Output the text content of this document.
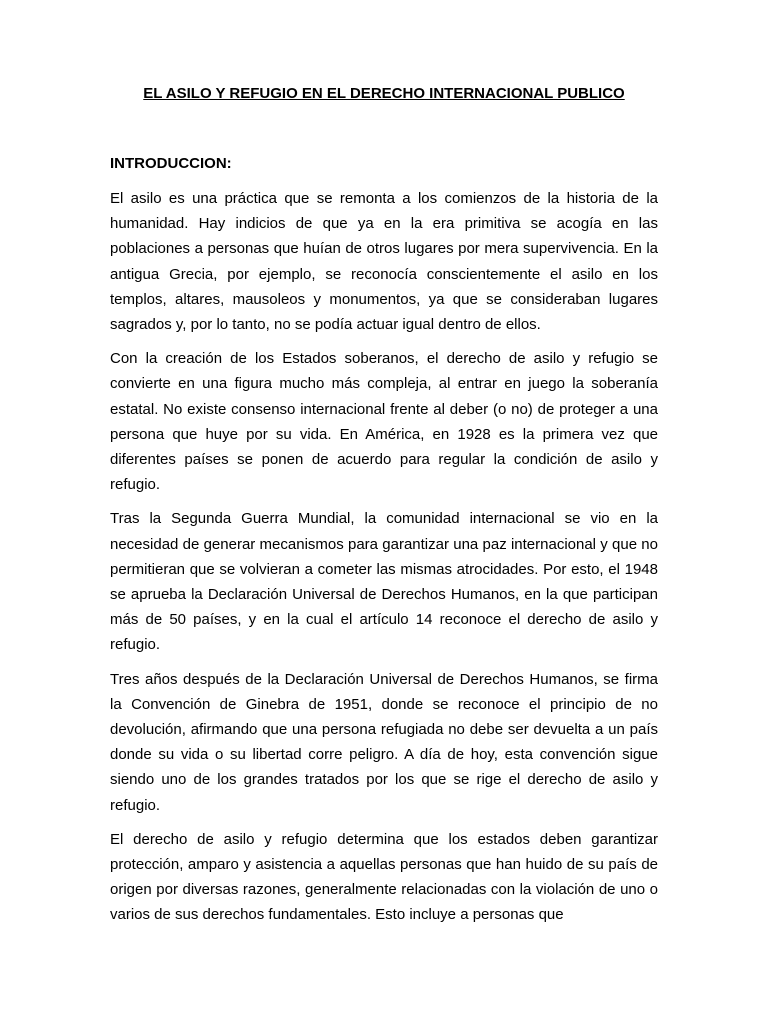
EL ASILO Y REFUGIO EN EL DERECHO INTERNACIONAL PUBLICO
INTRODUCCION:

El asilo es una práctica que se remonta a los comienzos de la historia de la humanidad. Hay indicios de que ya en la era primitiva se acogía en las poblaciones a personas que huían de otros lugares por mera supervivencia. En la antigua Grecia, por ejemplo, se reconocía conscientemente el asilo en los templos, altares, mausoleos y monumentos, ya que se consideraban lugares sagrados y, por lo tanto, no se podía actuar igual dentro de ellos.

Con la creación de los Estados soberanos, el derecho de asilo y refugio se convierte en una figura mucho más compleja, al entrar en juego la soberanía estatal. No existe consenso internacional frente al deber (o no) de proteger a una persona que huye por su vida. En América, en 1928 es la primera vez que diferentes países se ponen de acuerdo para regular la condición de asilo y refugio.

Tras la Segunda Guerra Mundial, la comunidad internacional se vio en la necesidad de generar mecanismos para garantizar una paz internacional y que no permitieran que se volvieran a cometer las mismas atrocidades. Por esto, el 1948 se aprueba la Declaración Universal de Derechos Humanos, en la que participan más de 50 países, y en la cual el artículo 14 reconoce el derecho de asilo y refugio.

Tres años después de la Declaración Universal de Derechos Humanos, se firma la Convención de Ginebra de 1951, donde se reconoce el principio de no devolución, afirmando que una persona refugiada no debe ser devuelta a un país donde su vida o su libertad corre peligro. A día de hoy, esta convención sigue siendo uno de los grandes tratados por los que se rige el derecho de asilo y refugio.

El derecho de asilo y refugio determina que los estados deben garantizar protección, amparo y asistencia a aquellas personas que han huido de su país de origen por diversas razones, generalmente relacionadas con la violación de uno o varios de sus derechos fundamentales. Esto incluye a personas que
